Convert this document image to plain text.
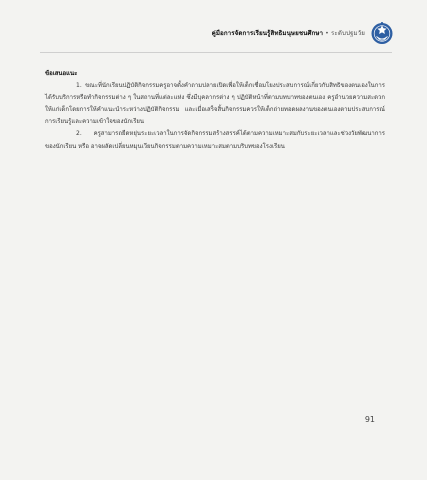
คู่มือการจัดการเรียนรู้สิทธิมนุษยชนศึกษา • ระดับปฐมวัย
ข้อเสนอแนะ

1. ขณะที่นักเรียนปฏิบัติกิจกรรมครูอาจตั้งคำถามปลายเปิดเพื่อให้เด็กเชื่อมโยงประสบการณ์เกี่ยวกับสิทธิของตนเองในการได้รับบริการหรือทำกิจกรรมต่าง ๆ ในสถานที่แต่ละแห่ง ซึ่งมีบุคลากรต่าง ๆ ปฏิบัติหน้าที่ตามบทบาทของตนเอง ครูอำนวยความสะดวกให้แก่เด็กโดยการให้คำแนะนำระหว่างปฏิบัติกิจกรรม และเมื่อเสร็จสิ้นกิจกรรมควรให้เด็กถ่ายทอดผลงานของตนเองตามประสบการณ์การเรียนรู้และความเข้าใจของนักเรียน

2. ครูสามารถยืดหยุ่นระยะเวลาในการจัดกิจกรรมสร้างสรรค์ได้ตามความเหมาะสมกับระยะเวลาและช่วงวัยพัฒนาการของนักเรียน หรือ อาจผลัดเปลี่ยนหมุนเวียนกิจกรรมตามความเหมาะสมตามบริบทของโรงเรียน

91
